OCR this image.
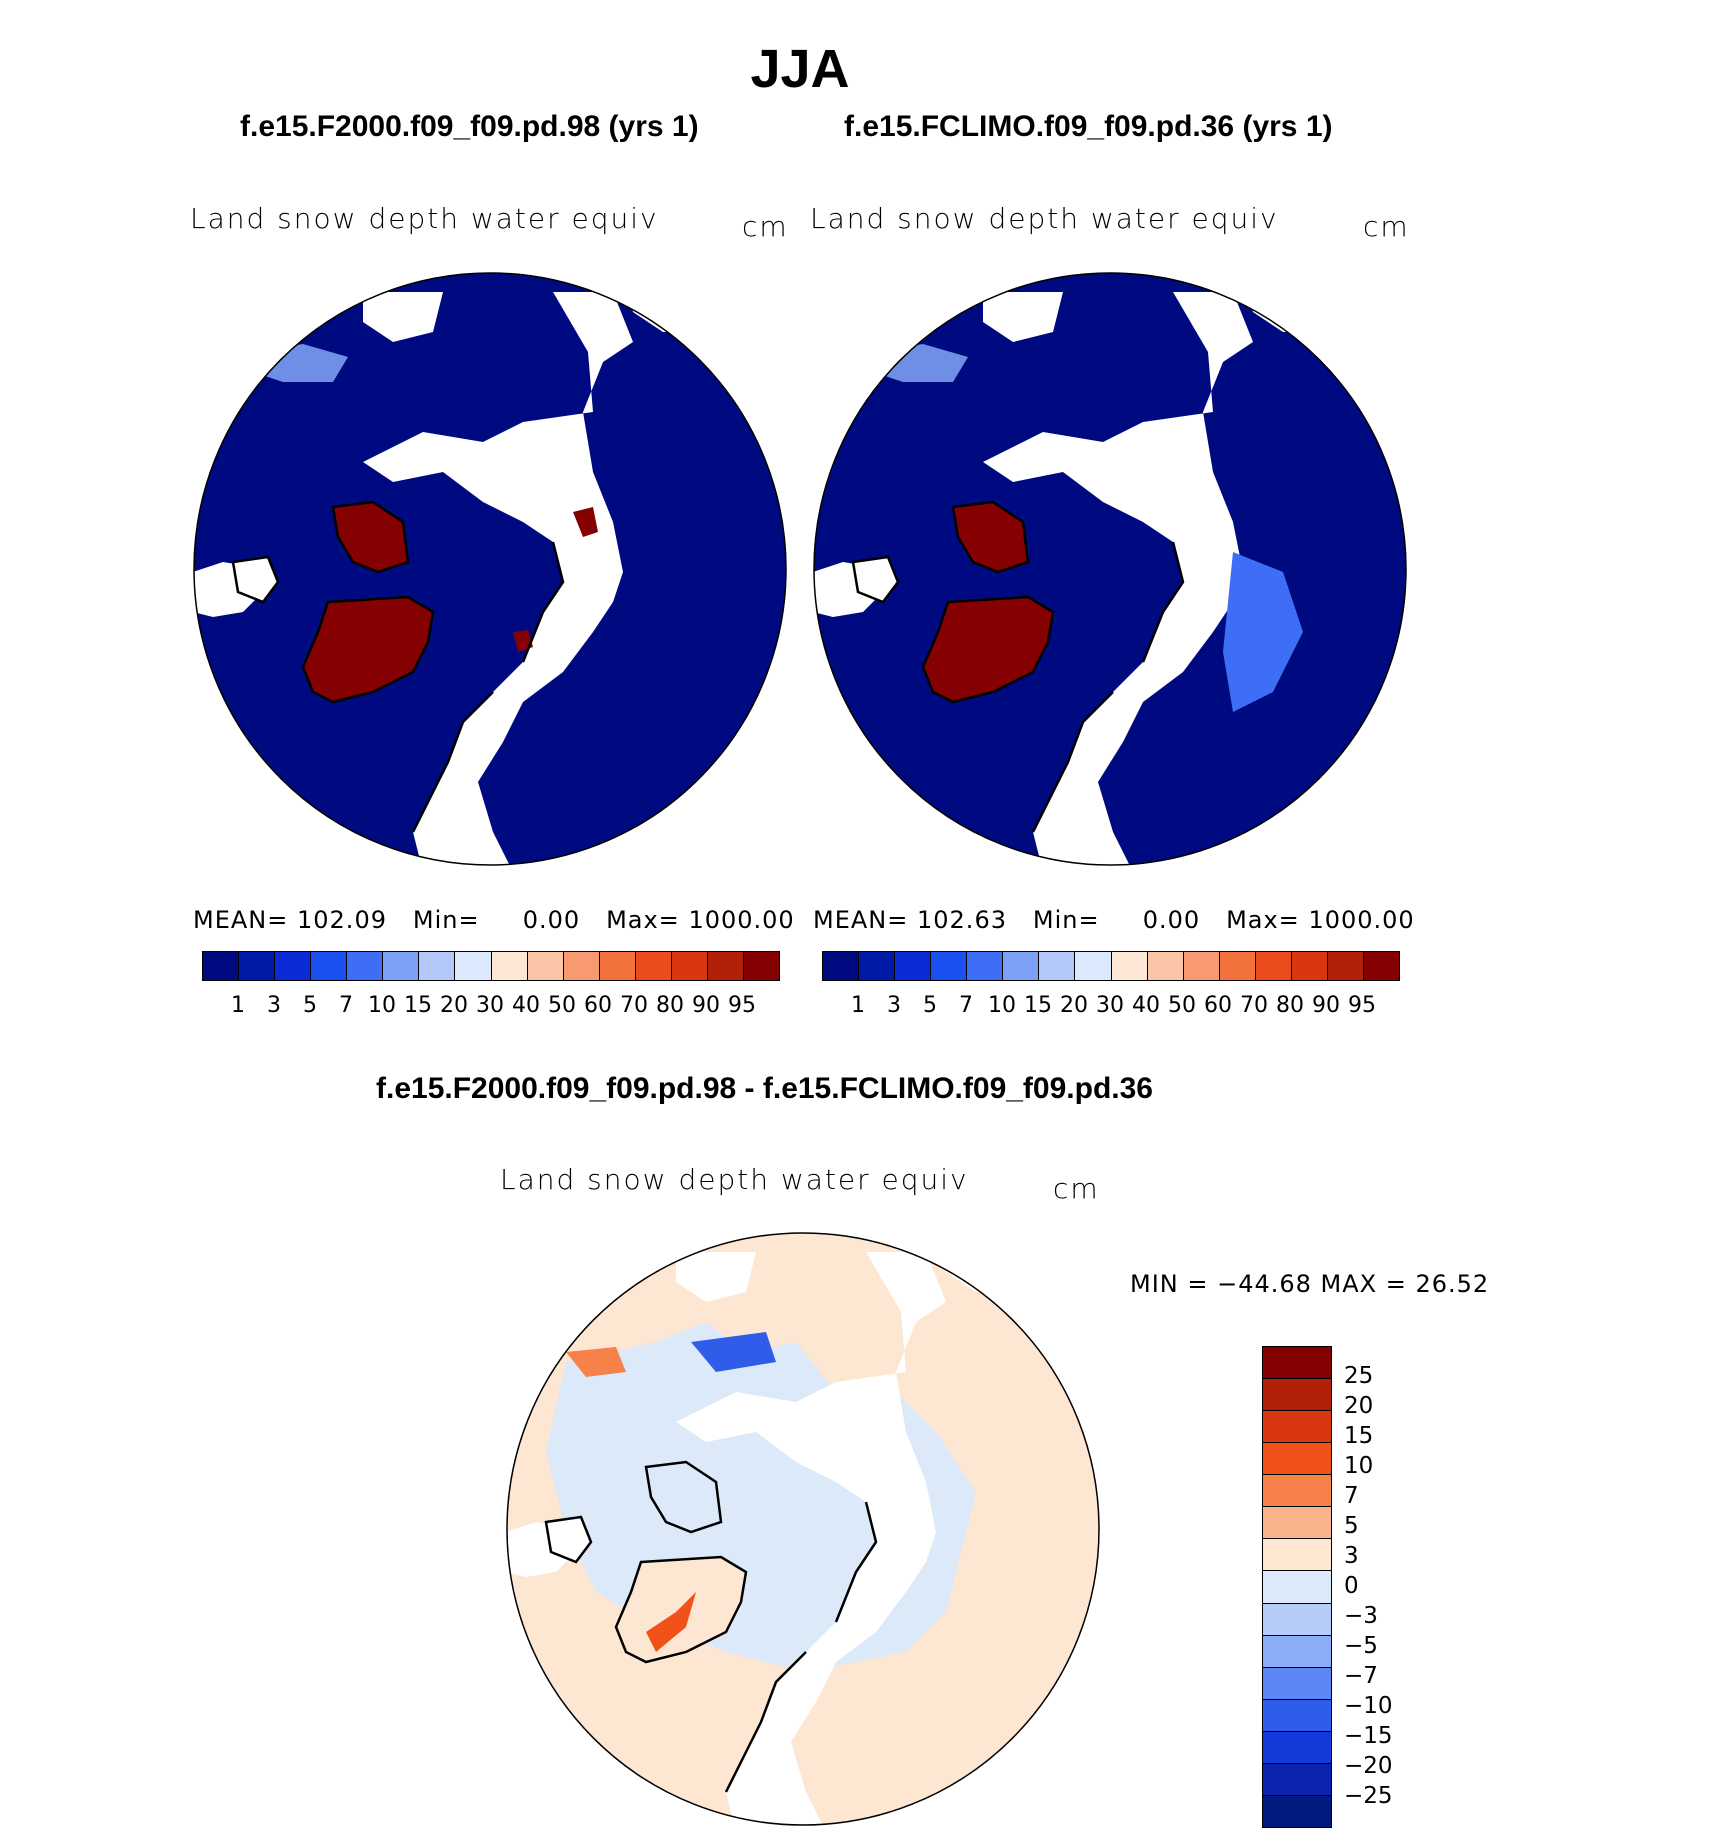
JJA
f.e15.F2000.f09_f09.pd.98 (yrs 1)	f.e15.FCLIMO.f09_f09.pd.36 (yrs 1)
Land snow depth water equiv	cm Land snow depth water equiv	cm
MEAN= 102.09 Min= 0.00 Max= 1000.00 MEAN= 102.63 Min= 0.00 Max= 1000.00
1 3 5 7 10 15 20 30 40 50 60 70 80 90 95	1 3 5 7 10 15 20 30 40 50 60 70 80 90 95
f.e15.F2000.f09_f09.pd.98 - f.e15.FCLIMO.f09_f09.pd.36
Land snow depth water equiv	cm
MIN = −44.68 MAX = 26.52
25
20
15
10
7
5
3
0
−3
−5
−7
−10
−15
−20
−25
